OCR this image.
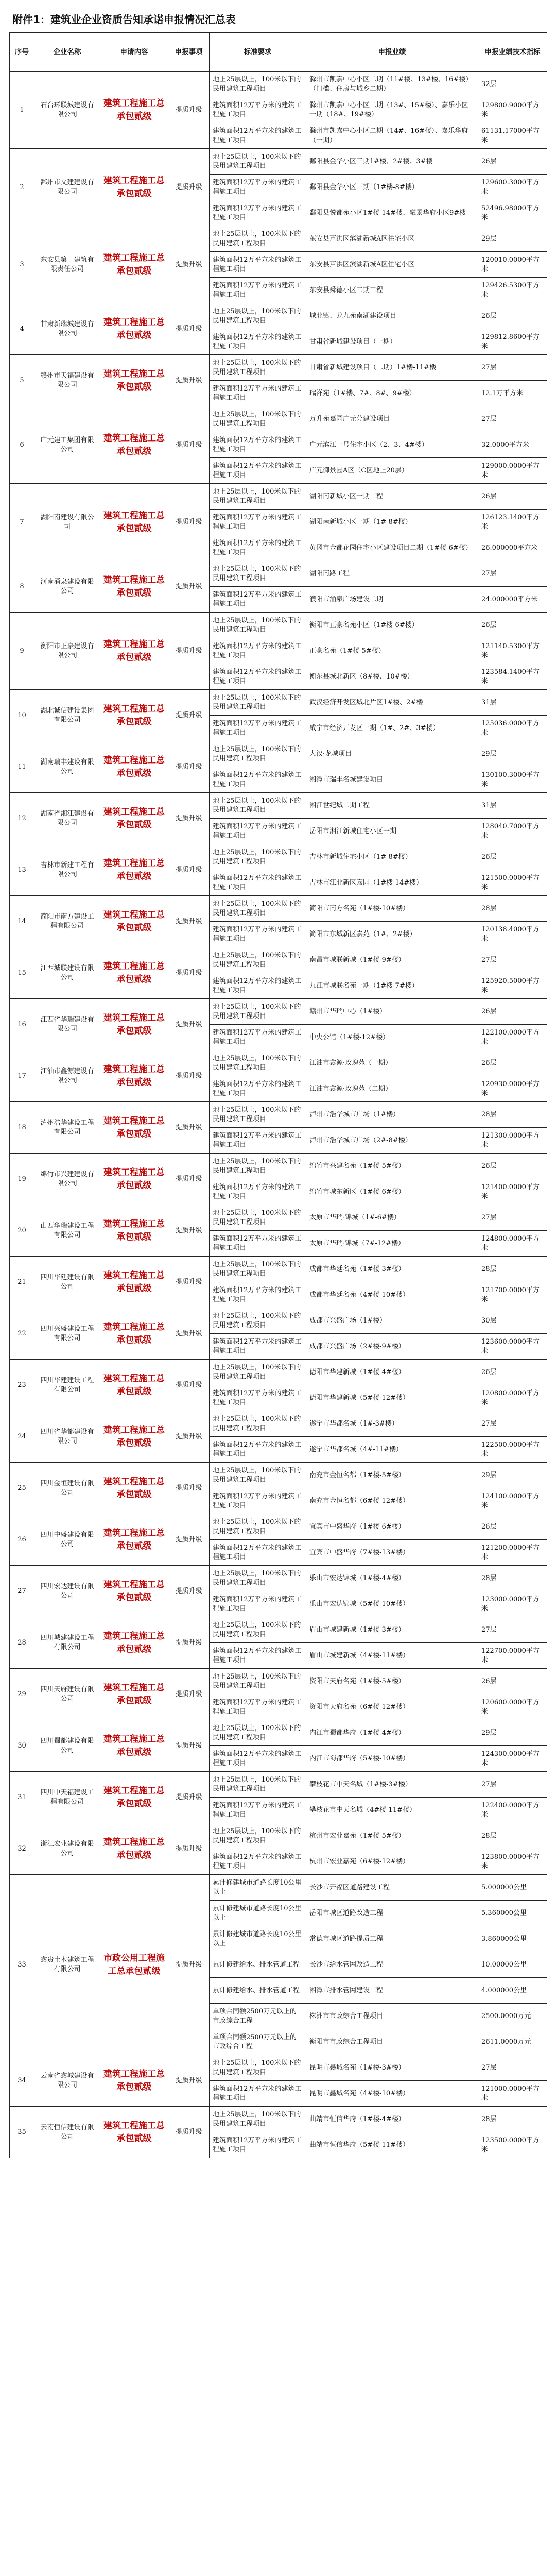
附件1：建筑业企业资质告知承诺申报情况汇总表
序号	企业名称	申请内容	申报事项	标准要求	申报业绩	申报业绩技术指标
1	石台环联城建设有限公司	建筑工程施工总承包贰级	提质升级	地上25层以上，100米以下的民用建筑工程项目	滁州市凯嘉中心小区二期（11#楼、13#楼、16#楼）（门槛、住房与城乡二期）	32层
				建筑面积12万平方米的建筑工程施工项目	滁州市凯嘉中心小区二期（13#、15#楼）、嘉乐小区一期（18#、19#楼）	129800.9000平方米
				建筑面积12万平方米的建筑工程施工项目	滁州市凯嘉中心小区二期（14#、16#楼）、嘉乐华府（一期）	61131.17000平方米
2	鄱州市文建建设有限公司	建筑工程施工总承包贰级	提质升级	地上25层以上，100米以下的民用建筑工程项目	鄱阳县金华小区三期1#楼、2#楼、3#楼	26层
				建筑面积12万平方米的建筑工程施工项目	鄱阳县金华小区三期（1#楼-8#楼）	129600.3000平方米
				建筑面积12万平方米的建筑工程施工项目	鄱阳县悦都苑小区1#楼-14#楼、融景华府小区9#楼	52496.98000平方米
3	东安县第一建筑有限责任公司	建筑工程施工总承包贰级	提质升级	地上25层以上，100米以下的民用建筑工程项目	东安县芦洪区滨湖新城A区住宅小区	29层
				建筑面积12万平方米的建筑工程施工项目	东安县芦洪区滨湖新城A区住宅小区	120010.0000平方米
				建筑面积12万平方米的建筑工程施工项目	东安县舜德小区二期工程	129426.5300平方米
4	甘肃新瑞城建设有限公司	建筑工程施工总承包贰级	提质升级	地上25层以上，100米以下的民用建筑工程项目	城北镇、龙九苑南湖建设项目	26层
				建筑面积12万平方米的建筑工程施工项目	甘肃省新城建设项目（一期）	129812.8600平方米
5	赣州市天福建设有限公司	建筑工程施工总承包贰级	提质升级	地上25层以上，100米以下的民用建筑工程项目	甘肃省新城建设项目（二期）1#楼-11#楼	27层
				建筑面积12万平方米的建筑工程施工项目	瑞祥苑（1#楼、7#、8#、9#楼）	12.1万平方米
6	广元建工集团有限公司	建筑工程施工总承包贰级	提质升级	地上25层以上，100米以下的民用建筑工程项目	万升苑嘉园广元分建设项目	27层
				建筑面积12万平方米的建筑工程施工项目	广元滨江一号住宅小区（2、3、4#楼）	32.0000平方米
				建筑面积12万平方米的建筑工程施工项目	广元御景园A区（C区地上20层）	129000.0000平方米
7	湖阳南建设有限公司	建筑工程施工总承包贰级	提质升级	地上25层以上，100米以下的民用建筑工程项目	湖阳南新城小区一期工程	26层
				建筑面积12万平方米的建筑工程施工项目	湖阳南新城小区一期（1#-8#楼）	126123.1400平方米
				建筑面积12万平方米的建筑工程施工项目	黄冈市金都花园住宅小区建设项目二期（1#楼-6#楼）	26.000000平方米
8	河南涌泉建设有限公司	建筑工程施工总承包贰级	提质升级	地上25层以上，100米以下的民用建筑工程项目	湖阳南路工程	27层
				建筑面积12万平方米的建筑工程施工项目	濮阳市涌泉广场建设二期	24.000000平方米
9	衡阳市正豪建设有限公司	建筑工程施工总承包贰级	提质升级	地上25层以上，100米以下的民用建筑工程项目	衡阳市正豪名苑小区（1#楼-6#楼）	26层
				建筑面积12万平方米的建筑工程施工项目	正豪名苑（1#楼-5#楼）	121140.5300平方米
				建筑面积12万平方米的建筑工程施工项目	衡东县城北新区（8#楼、10#楼）	123584.1400平方米
10	湖北诚信建设集团有限公司	建筑工程施工总承包贰级	提质升级	地上25层以上，100米以下的民用建筑工程项目	武汉经济开发区城北片区1#楼、2#楼	31层
				建筑面积12万平方米的建筑工程施工项目	咸宁市经济开发区一期（1#、2#、3#楼）	125036.0000平方米
11	湖南瑞丰建设有限公司	建筑工程施工总承包贰级	提质升级	地上25层以上，100米以下的民用建筑工程项目	大汉·龙城项目	29层
				建筑面积12万平方米的建筑工程施工项目	湘潭市瑞丰名城建设项目	130100.3000平方米
12	湖南省湘江建设有限公司	建筑工程施工总承包贰级	提质升级	地上25层以上，100米以下的民用建筑工程项目	湘江世纪城二期工程	31层
				建筑面积12万平方米的建筑工程施工项目	岳阳市湘江新城住宅小区一期	128040.7000平方米
13	吉林市新建工程有限公司	建筑工程施工总承包贰级	提质升级	地上25层以上，100米以下的民用建筑工程项目	吉林市新城住宅小区（1#-8#楼）	26层
				建筑面积12万平方米的建筑工程施工项目	吉林市江北新区嘉园（1#楼-14#楼）	121500.0000平方米
14	简阳市南方建设工程有限公司	建筑工程施工总承包贰级	提质升级	地上25层以上，100米以下的民用建筑工程项目	简阳市南方名苑（1#楼-10#楼）	28层
				建筑面积12万平方米的建筑工程施工项目	简阳市东城新区嘉苑（1#、2#楼）	120138.4000平方米
15	江西城联建设有限公司	建筑工程施工总承包贰级	提质升级	地上25层以上，100米以下的民用建筑工程项目	南昌市城联新城（1#楼-9#楼）	27层
				建筑面积12万平方米的建筑工程施工项目	九江市城联名苑一期（1#楼-7#楼）	125920.5000平方米
16	江西省华瑞建设有限公司	建筑工程施工总承包贰级	提质升级	地上25层以上，100米以下的民用建筑工程项目	赣州市华瑞中心（1#楼）	26层
				建筑面积12万平方米的建筑工程施工项目	中央公馆（1#楼-12#楼）	122100.0000平方米
17	江油市鑫源建设有限公司	建筑工程施工总承包贰级	提质升级	地上25层以上，100米以下的民用建筑工程项目	江油市鑫源·玫瑰苑（一期）	26层
				建筑面积12万平方米的建筑工程施工项目	江油市鑫源·玫瑰苑（二期）	120930.0000平方米
18	泸州浩华建设工程有限公司	建筑工程施工总承包贰级	提质升级	地上25层以上，100米以下的民用建筑工程项目	泸州市浩华城市广场（1#楼）	28层
				建筑面积12万平方米的建筑工程施工项目	泸州市浩华城市广场（2#-8#楼）	121300.0000平方米
19	绵竹市兴建建设有限公司	建筑工程施工总承包贰级	提质升级	地上25层以上，100米以下的民用建筑工程项目	绵竹市兴建名苑（1#楼-5#楼）	26层
				建筑面积12万平方米的建筑工程施工项目	绵竹市城东新区（1#楼-6#楼）	121400.0000平方米
20	山西华瑞建设工程有限公司	建筑工程施工总承包贰级	提质升级	地上25层以上，100米以下的民用建筑工程项目	太原市华瑞·锦城（1#-6#楼）	27层
				建筑面积12万平方米的建筑工程施工项目	太原市华瑞·锦城（7#-12#楼）	124800.0000平方米
21	四川华廷建设有限公司	建筑工程施工总承包贰级	提质升级	地上25层以上，100米以下的民用建筑工程项目	成都市华廷名苑（1#楼-3#楼）	28层
				建筑面积12万平方米的建筑工程施工项目	成都市华廷名苑（4#楼-10#楼）	121700.0000平方米
22	四川兴盛建设工程有限公司	建筑工程施工总承包贰级	提质升级	地上25层以上，100米以下的民用建筑工程项目	成都市兴盛广场（1#楼）	30层
				建筑面积12万平方米的建筑工程施工项目	成都市兴盛广场（2#楼-9#楼）	123600.0000平方米
23	四川华建建设工程有限公司	建筑工程施工总承包贰级	提质升级	地上25层以上，100米以下的民用建筑工程项目	德阳市华建新城（1#楼-4#楼）	26层
				建筑面积12万平方米的建筑工程施工项目	德阳市华建新城（5#楼-12#楼）	120800.0000平方米
24	四川省华都建设有限公司	建筑工程施工总承包贰级	提质升级	地上25层以上，100米以下的民用建筑工程项目	遂宁市华都名城（1#-3#楼）	27层
				建筑面积12万平方米的建筑工程施工项目	遂宁市华都名城（4#-11#楼）	122500.0000平方米
25	四川金恒建设有限公司	建筑工程施工总承包贰级	提质升级	地上25层以上，100米以下的民用建筑工程项目	南充市金恒名都（1#楼-5#楼）	29层
				建筑面积12万平方米的建筑工程施工项目	南充市金恒名都（6#楼-12#楼）	124100.0000平方米
26	四川中盛建设有限公司	建筑工程施工总承包贰级	提质升级	地上25层以上，100米以下的民用建筑工程项目	宜宾市中盛华府（1#楼-6#楼）	26层
				建筑面积12万平方米的建筑工程施工项目	宜宾市中盛华府（7#楼-13#楼）	121200.0000平方米
27	四川宏达建设有限公司	建筑工程施工总承包贰级	提质升级	地上25层以上，100米以下的民用建筑工程项目	乐山市宏达锦城（1#楼-4#楼）	28层
				建筑面积12万平方米的建筑工程施工项目	乐山市宏达锦城（5#楼-10#楼）	123000.0000平方米
28	四川城建建设工程有限公司	建筑工程施工总承包贰级	提质升级	地上25层以上，100米以下的民用建筑工程项目	眉山市城建新城（1#楼-3#楼）	27层
				建筑面积12万平方米的建筑工程施工项目	眉山市城建新城（4#楼-11#楼）	122700.0000平方米
29	四川天府建设有限公司	建筑工程施工总承包贰级	提质升级	地上25层以上，100米以下的民用建筑工程项目	资阳市天府名苑（1#楼-5#楼）	26层
				建筑面积12万平方米的建筑工程施工项目	资阳市天府名苑（6#楼-12#楼）	120600.0000平方米
30	四川蜀都建设有限公司	建筑工程施工总承包贰级	提质升级	地上25层以上，100米以下的民用建筑工程项目	内江市蜀都华府（1#楼-4#楼）	29层
				建筑面积12万平方米的建筑工程施工项目	内江市蜀都华府（5#楼-10#楼）	124300.0000平方米
31	四川中天福建设工程有限公司	建筑工程施工总承包贰级	提质升级	地上25层以上，100米以下的民用建筑工程项目	攀枝花市中天名城（1#楼-3#楼）	27层
				建筑面积12万平方米的建筑工程施工项目	攀枝花市中天名城（4#楼-11#楼）	122400.0000平方米
32	浙江宏业建设有限公司	建筑工程施工总承包贰级	提质升级	地上25层以上，100米以下的民用建筑工程项目	杭州市宏业嘉苑（1#楼-5#楼）	28层
				建筑面积12万平方米的建筑工程施工项目	杭州市宏业嘉苑（6#楼-12#楼）	123800.0000平方米
33	鑫贵土木建筑工程有限公司	市政公用工程施工总承包贰级	提质升级	累计修建城市道路长度10公里以上	长沙市开福区道路建设工程	5.000000公里
				累计修建城市道路长度10公里以上	岳阳市城区道路改造工程	5.360000公里
				累计修建城市道路长度10公里以上	常德市城区道路提质工程	3.860000公里
				累计修建给水、排水管道工程	长沙市给水管网改造工程	10.00000公里
				累计修建给水、排水管道工程	湘潭市排水管网建设工程	4.000000公里
				单项合同额2500万元以上的市政综合工程	株洲市市政综合工程项目	2500.0000万元
				单项合同额2500万元以上的市政综合工程	衡阳市市政综合工程项目	2611.0000万元
34	云南省鑫城建设有限公司	建筑工程施工总承包贰级	提质升级	地上25层以上，100米以下的民用建筑工程项目	昆明市鑫城名苑（1#楼-3#楼）	27层
				建筑面积12万平方米的建筑工程施工项目	昆明市鑫城名苑（4#楼-10#楼）	121000.0000平方米
35	云南恒信建设有限公司	建筑工程施工总承包贰级	提质升级	地上25层以上，100米以下的民用建筑工程项目	曲靖市恒信华府（1#楼-4#楼）	28层
				建筑面积12万平方米的建筑工程施工项目	曲靖市恒信华府（5#楼-11#楼）	123500.0000平方米
